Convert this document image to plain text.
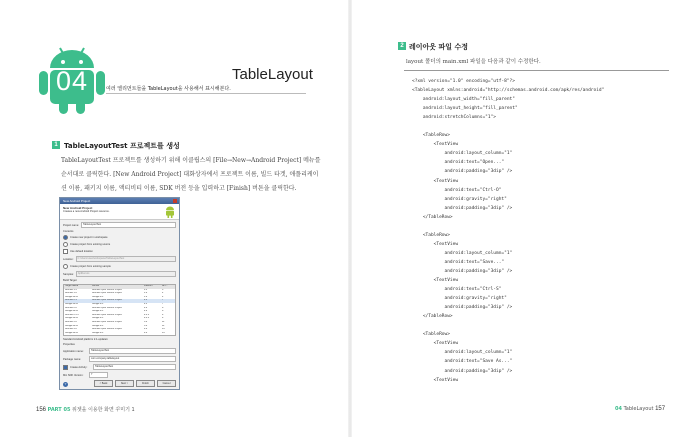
04	여러 엘리먼트들을 TableLayout을 사용해서 표시해본다.
TableLayout
1 TableLayoutTest 프로젝트를 생성
TableLayoutTest 프로젝트를 생성하기 위해 이클립스의 [File→New→Android Project] 메뉴를 순서대로 클릭한다. [New Android Project] 대화상자에서 프로젝트 이름, 빌드 타겟, 애플리케이션 이름, 패키지 이름, 액티비티 이름, SDK 버전 등을 입력하고 [Finish] 버튼을 클릭한다.
New Android Project
New Android Project
Creates a new Android Project resource.
Project name:	TableLayoutTest
Contents
Create new project in workspace
Create project from existing source
Use default location
Location:	C:/Users/user/workspace/TableLayoutTest
Create project from existing sample
Samples:	ApiDemos
Build Target
Target Name	Vendor	Platform	API...
Android 1.5	Android Open Source Project	1.5	3
Android 1.6	Android Open Source Project	1.6	4
Google APIs	Google Inc.	1.6	4
Android 2.1	Android Open Source Project	2.1	7
Google APIs	Google Inc.	2.1	7
Android 2.2	Android Open Source Project	2.2	8
Google APIs	Google Inc.	2.2	8
Android 2.3.1	Android Open Source Project	2.3.1	9
Google APIs	Google Inc.	2.3.1	9
Android 3.0	Android Open Source Project	3.0	11
Google APIs	Google Inc.	3.0	11
Android 4.0	Android Open Source Project	4.0	14
Google APIs	Google Inc.	4.0	14
Standard Android platform 2.1-update1
Properties
Application name:	TableLayoutTest
Package name:	com.company.tablelayout
Create Activity:	TableLayoutTest
Min SDK Version:	7
?	< Back	Next >	Finish	Cancel
156 PART 05 위젯을 이용한 화면 꾸미기 1
2 레이아웃 파일 수정
layout 폴더의 main.xml 파일을 다음과 같이 수정한다.
<?xml version="1.0" encoding="utf-8"?>
<TableLayout xmlns:android="http://schemas.android.com/apk/res/android"
android:layout_width="fill_parent"
android:layout_height="fill_parent"
android:stretchColumns="1">
<TableRow>
<TextView
android:layout_column="1"
android:text="Open..."
android:padding="3dip" />
<TextView
android:text="Ctrl-O"
android:gravity="right"
android:padding="3dip" />
</TableRow>
<TableRow>
<TextView
android:layout_column="1"
android:text="Save..."
android:padding="3dip" />
<TextView
android:text="Ctrl-S"
android:gravity="right"
android:padding="3dip" />
</TableRow>
<TableRow>
<TextView
android:layout_column="1"
android:text="Save As..."
android:padding="3dip" />
<TextView
04 TableLayout 157
